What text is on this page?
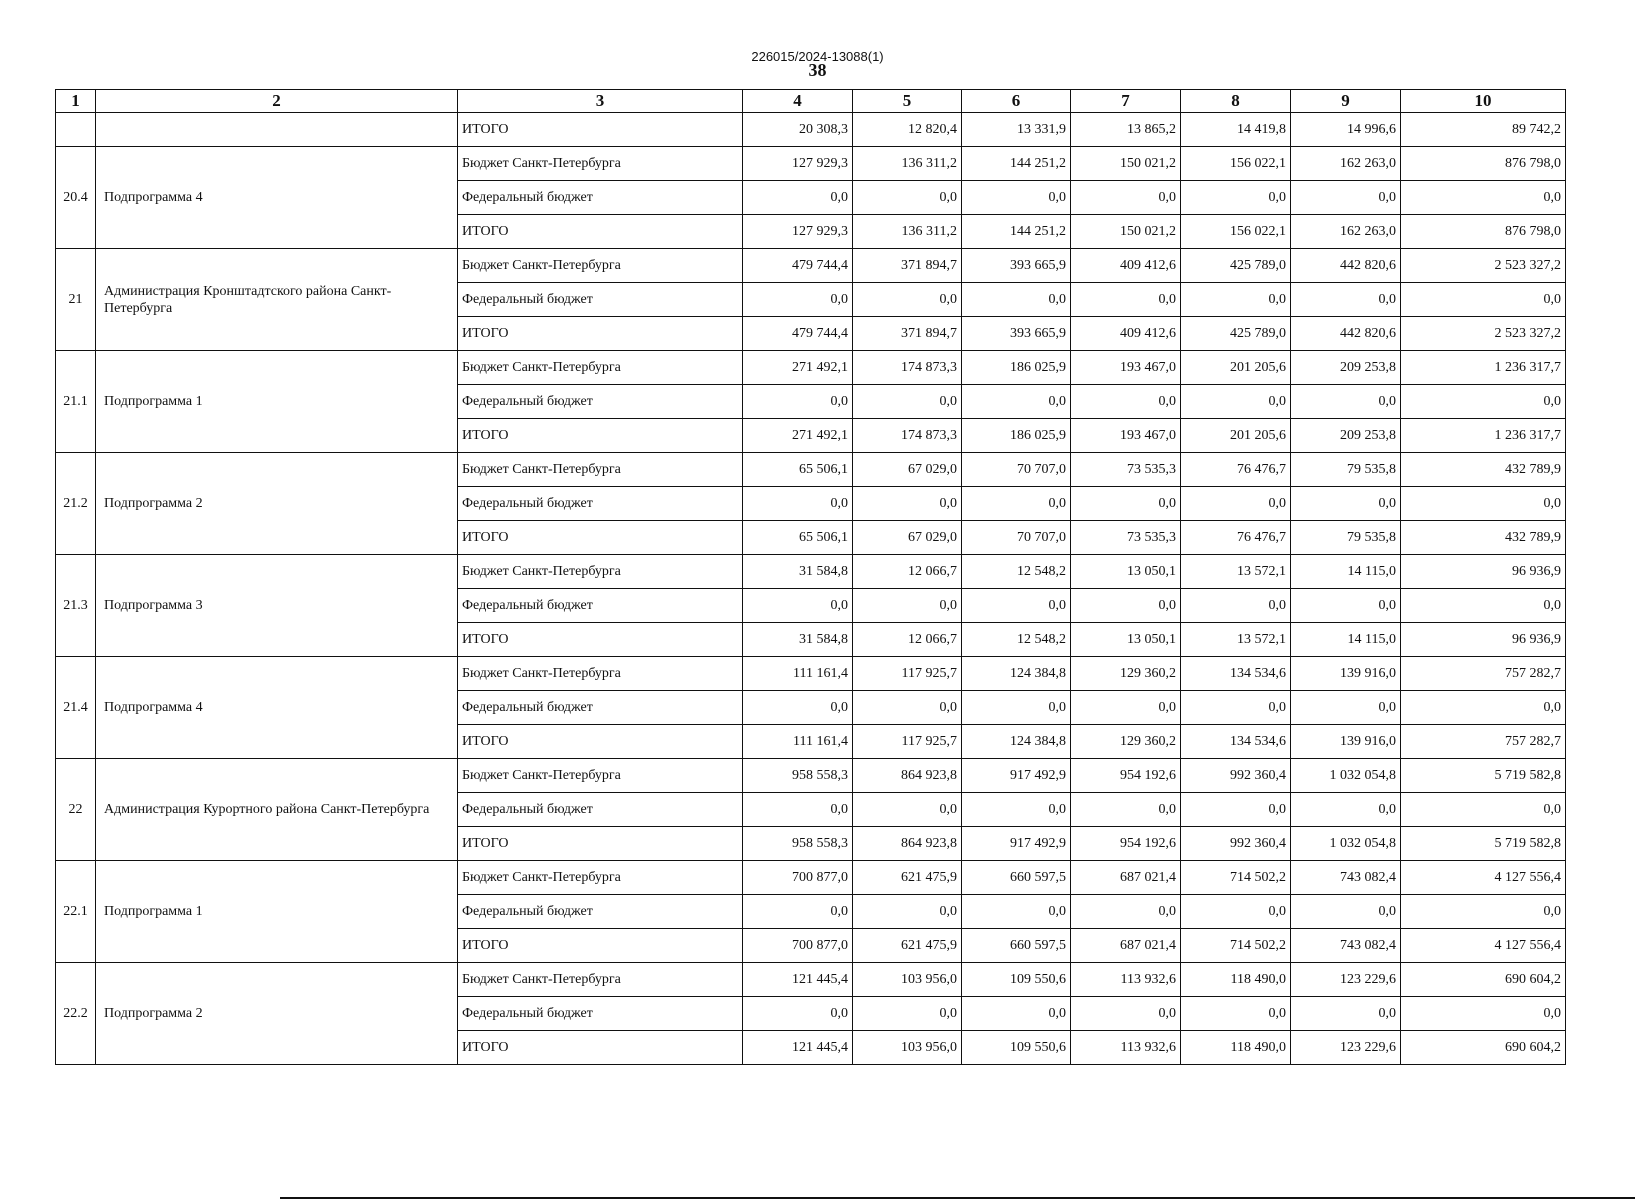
226015/2024-13088(1)
38
1	2	3	4	5	6	7	8	9	10
		ИТОГО	20 308,3	12 820,4	13 331,9	13 865,2	14 419,8	14 996,6	89 742,2
20.4	Подпрограмма 4	Бюджет Санкт-Петербурга	127 929,3	136 311,2	144 251,2	150 021,2	156 022,1	162 263,0	876 798,0
		Федеральный бюджет	0,0	0,0	0,0	0,0	0,0	0,0	0,0
		ИТОГО	127 929,3	136 311,2	144 251,2	150 021,2	156 022,1	162 263,0	876 798,0
21	Администрация Кронштадтского района Санкт-Петербурга	Бюджет Санкт-Петербурга	479 744,4	371 894,7	393 665,9	409 412,6	425 789,0	442 820,6	2 523 327,2
		Федеральный бюджет	0,0	0,0	0,0	0,0	0,0	0,0	0,0
		ИТОГО	479 744,4	371 894,7	393 665,9	409 412,6	425 789,0	442 820,6	2 523 327,2
21.1	Подпрограмма 1	Бюджет Санкт-Петербурга	271 492,1	174 873,3	186 025,9	193 467,0	201 205,6	209 253,8	1 236 317,7
		Федеральный бюджет	0,0	0,0	0,0	0,0	0,0	0,0	0,0
		ИТОГО	271 492,1	174 873,3	186 025,9	193 467,0	201 205,6	209 253,8	1 236 317,7
21.2	Подпрограмма 2	Бюджет Санкт-Петербурга	65 506,1	67 029,0	70 707,0	73 535,3	76 476,7	79 535,8	432 789,9
		Федеральный бюджет	0,0	0,0	0,0	0,0	0,0	0,0	0,0
		ИТОГО	65 506,1	67 029,0	70 707,0	73 535,3	76 476,7	79 535,8	432 789,9
21.3	Подпрограмма 3	Бюджет Санкт-Петербурга	31 584,8	12 066,7	12 548,2	13 050,1	13 572,1	14 115,0	96 936,9
		Федеральный бюджет	0,0	0,0	0,0	0,0	0,0	0,0	0,0
		ИТОГО	31 584,8	12 066,7	12 548,2	13 050,1	13 572,1	14 115,0	96 936,9
21.4	Подпрограмма 4	Бюджет Санкт-Петербурга	111 161,4	117 925,7	124 384,8	129 360,2	134 534,6	139 916,0	757 282,7
		Федеральный бюджет	0,0	0,0	0,0	0,0	0,0	0,0	0,0
		ИТОГО	111 161,4	117 925,7	124 384,8	129 360,2	134 534,6	139 916,0	757 282,7
22	Администрация Курортного района Санкт-Петербурга	Бюджет Санкт-Петербурга	958 558,3	864 923,8	917 492,9	954 192,6	992 360,4	1 032 054,8	5 719 582,8
		Федеральный бюджет	0,0	0,0	0,0	0,0	0,0	0,0	0,0
		ИТОГО	958 558,3	864 923,8	917 492,9	954 192,6	992 360,4	1 032 054,8	5 719 582,8
22.1	Подпрограмма 1	Бюджет Санкт-Петербурга	700 877,0	621 475,9	660 597,5	687 021,4	714 502,2	743 082,4	4 127 556,4
		Федеральный бюджет	0,0	0,0	0,0	0,0	0,0	0,0	0,0
		ИТОГО	700 877,0	621 475,9	660 597,5	687 021,4	714 502,2	743 082,4	4 127 556,4
22.2	Подпрограмма 2	Бюджет Санкт-Петербурга	121 445,4	103 956,0	109 550,6	113 932,6	118 490,0	123 229,6	690 604,2
		Федеральный бюджет	0,0	0,0	0,0	0,0	0,0	0,0	0,0
		ИТОГО	121 445,4	103 956,0	109 550,6	113 932,6	118 490,0	123 229,6	690 604,2
